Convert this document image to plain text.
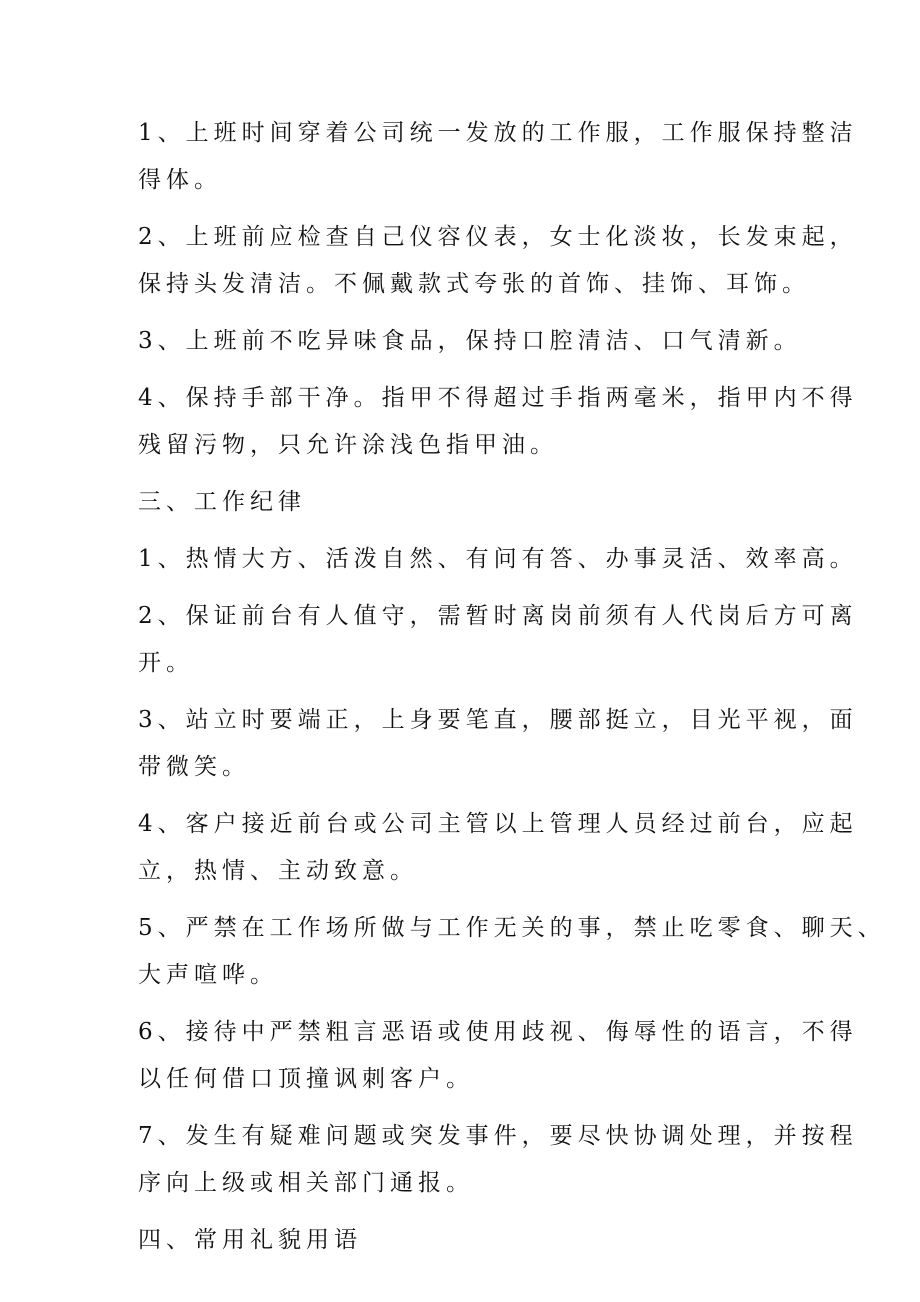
1、上班时间穿着公司统一发放的工作服，工作服保持整洁
得体。
2、上班前应检查自己仪容仪表，女士化淡妆，长发束起，
保持头发清洁。不佩戴款式夸张的首饰、挂饰、耳饰。
3、上班前不吃异味食品，保持口腔清洁、口气清新。
4、保持手部干净。指甲不得超过手指两毫米，指甲内不得
残留污物，只允许涂浅色指甲油。
三、工作纪律
1、热情大方、活泼自然、有问有答、办事灵活、效率高。
2、保证前台有人值守，需暂时离岗前须有人代岗后方可离
开。
3、站立时要端正，上身要笔直，腰部挺立，目光平视，面
带微笑。
4、客户接近前台或公司主管以上管理人员经过前台，应起
立，热情、主动致意。
5、严禁在工作场所做与工作无关的事，禁止吃零食、聊天、
大声喧哗。
6、接待中严禁粗言恶语或使用歧视、侮辱性的语言，不得
以任何借口顶撞讽刺客户。
7、发生有疑难问题或突发事件，要尽快协调处理，并按程
序向上级或相关部门通报。
四、常用礼貌用语
